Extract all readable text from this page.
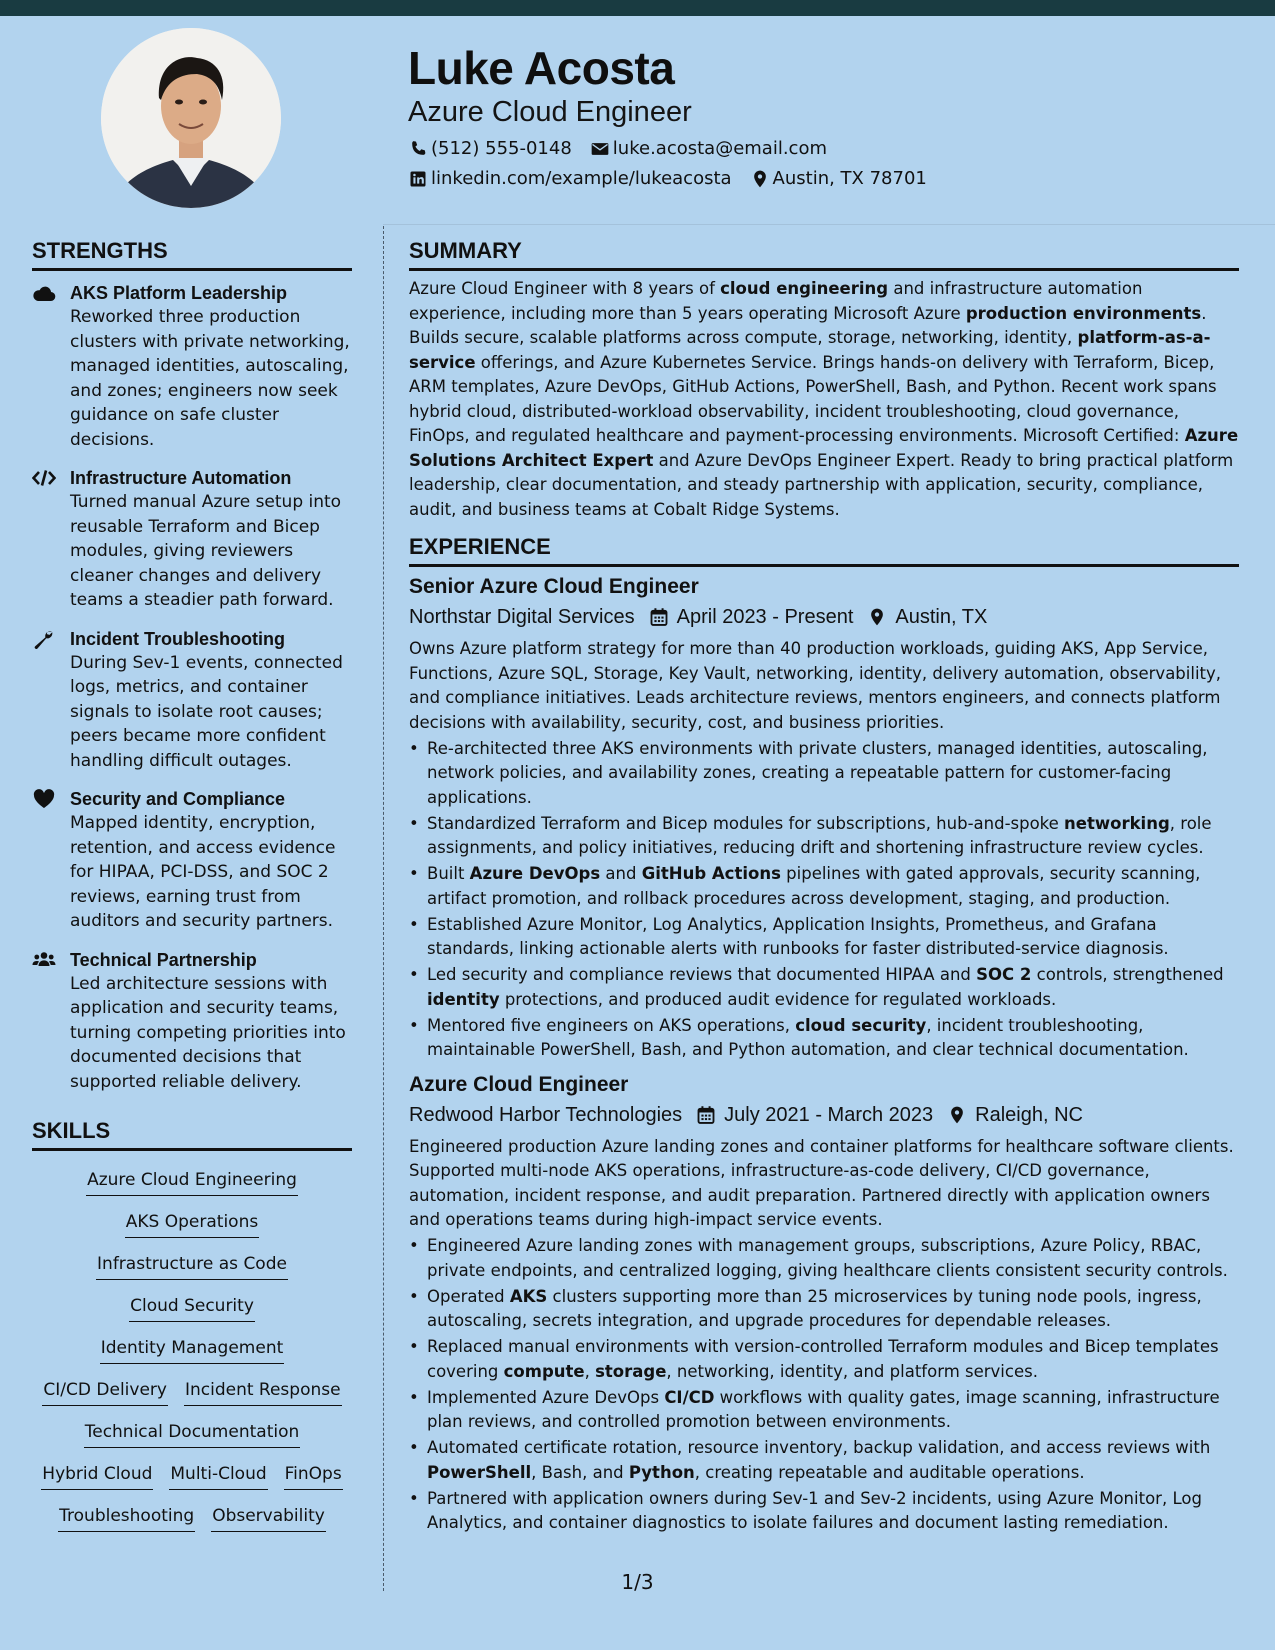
Luke Acosta
Azure Cloud Engineer
(512) 555-0148 luke.acosta@email.com
linkedin.com/example/lukeacosta Austin, TX 78701
STRENGTHS
AKS Platform Leadership
Reworked three production clusters with private networking, managed identities, autoscaling, and zones; engineers now seek guidance on safe cluster decisions.
Infrastructure Automation
Turned manual Azure setup into reusable Terraform and Bicep modules, giving reviewers cleaner changes and delivery teams a steadier path forward.
Incident Troubleshooting
During Sev-1 events, connected logs, metrics, and container signals to isolate root causes; peers became more confident handling difficult outages.
Security and Compliance
Mapped identity, encryption, retention, and access evidence for HIPAA, PCI-DSS, and SOC 2 reviews, earning trust from auditors and security partners.
Technical Partnership
Led architecture sessions with application and security teams, turning competing priorities into documented decisions that supported reliable delivery.
SKILLS
Azure Cloud Engineering
AKS Operations
Infrastructure as Code
Cloud Security
Identity Management
CI/CD Delivery Incident Response
Technical Documentation
Hybrid Cloud Multi-Cloud FinOps
Troubleshooting Observability
SUMMARY
Azure Cloud Engineer with 8 years of cloud engineering and infrastructure automation experience, including more than 5 years operating Microsoft Azure production environments. Builds secure, scalable platforms across compute, storage, networking, identity, platform-as-a-service offerings, and Azure Kubernetes Service. Brings hands-on delivery with Terraform, Bicep, ARM templates, Azure DevOps, GitHub Actions, PowerShell, Bash, and Python. Recent work spans hybrid cloud, distributed-workload observability, incident troubleshooting, cloud governance, FinOps, and regulated healthcare and payment-processing environments. Microsoft Certified: Azure Solutions Architect Expert and Azure DevOps Engineer Expert. Ready to bring practical platform leadership, clear documentation, and steady partnership with application, security, compliance, audit, and business teams at Cobalt Ridge Systems.
EXPERIENCE
Senior Azure Cloud Engineer
Northstar Digital Services April 2023 - Present Austin, TX
Owns Azure platform strategy for more than 40 production workloads, guiding AKS, App Service, Functions, Azure SQL, Storage, Key Vault, networking, identity, delivery automation, observability, and compliance initiatives. Leads architecture reviews, mentors engineers, and connects platform decisions with availability, security, cost, and business priorities.
• Re-architected three AKS environments with private clusters, managed identities, autoscaling, network policies, and availability zones, creating a repeatable pattern for customer-facing applications.
• Standardized Terraform and Bicep modules for subscriptions, hub-and-spoke networking, role assignments, and policy initiatives, reducing drift and shortening infrastructure review cycles.
• Built Azure DevOps and GitHub Actions pipelines with gated approvals, security scanning, artifact promotion, and rollback procedures across development, staging, and production.
• Established Azure Monitor, Log Analytics, Application Insights, Prometheus, and Grafana standards, linking actionable alerts with runbooks for faster distributed-service diagnosis.
• Led security and compliance reviews that documented HIPAA and SOC 2 controls, strengthened identity protections, and produced audit evidence for regulated workloads.
• Mentored five engineers on AKS operations, cloud security, incident troubleshooting, maintainable PowerShell, Bash, and Python automation, and clear technical documentation.
Azure Cloud Engineer
Redwood Harbor Technologies July 2021 - March 2023 Raleigh, NC
Engineered production Azure landing zones and container platforms for healthcare software clients. Supported multi-node AKS operations, infrastructure-as-code delivery, CI/CD governance, automation, incident response, and audit preparation. Partnered directly with application owners and operations teams during high-impact service events.
• Engineered Azure landing zones with management groups, subscriptions, Azure Policy, RBAC, private endpoints, and centralized logging, giving healthcare clients consistent security controls.
• Operated AKS clusters supporting more than 25 microservices by tuning node pools, ingress, autoscaling, secrets integration, and upgrade procedures for dependable releases.
• Replaced manual environments with version-controlled Terraform modules and Bicep templates covering compute, storage, networking, identity, and platform services.
• Implemented Azure DevOps CI/CD workflows with quality gates, image scanning, infrastructure plan reviews, and controlled promotion between environments.
• Automated certificate rotation, resource inventory, backup validation, and access reviews with PowerShell, Bash, and Python, creating repeatable and auditable operations.
• Partnered with application owners during Sev-1 and Sev-2 incidents, using Azure Monitor, Log Analytics, and container diagnostics to isolate failures and document lasting remediation.
1/3
